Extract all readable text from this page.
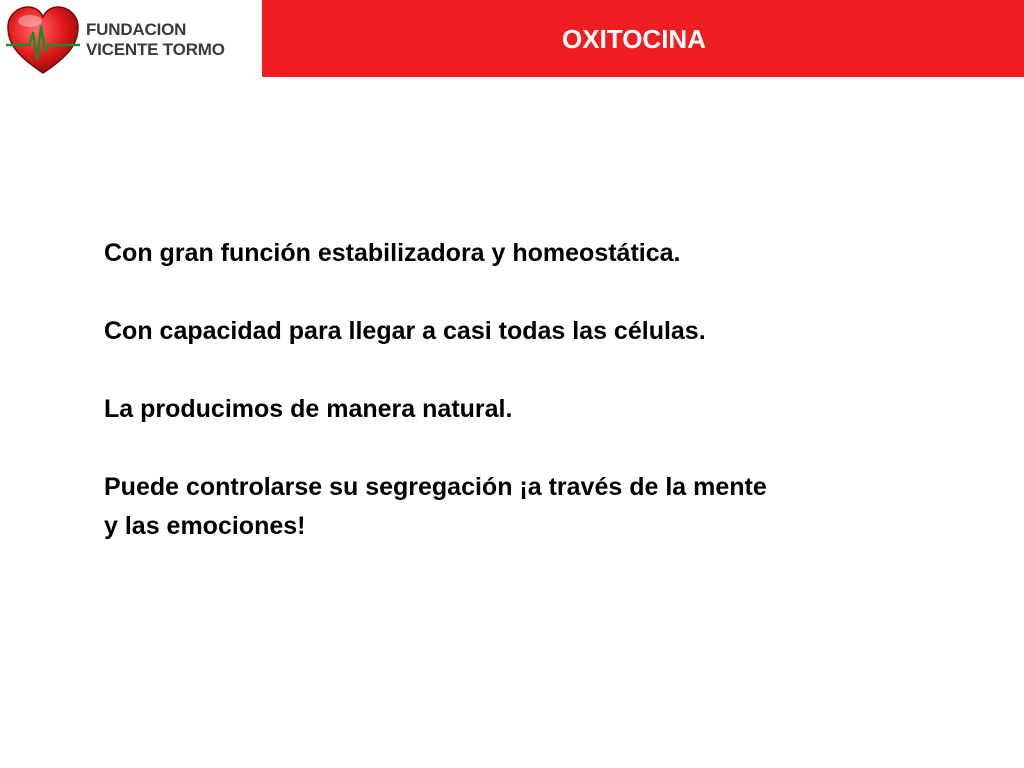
FUNDACION
VICENTE TORMO	OXITOCINA
Con gran función estabilizadora y homeostática.
Con capacidad para llegar a casi todas las células.
La producimos de manera natural.
Puede controlarse su segregación ¡a través de la mente
y las emociones!
